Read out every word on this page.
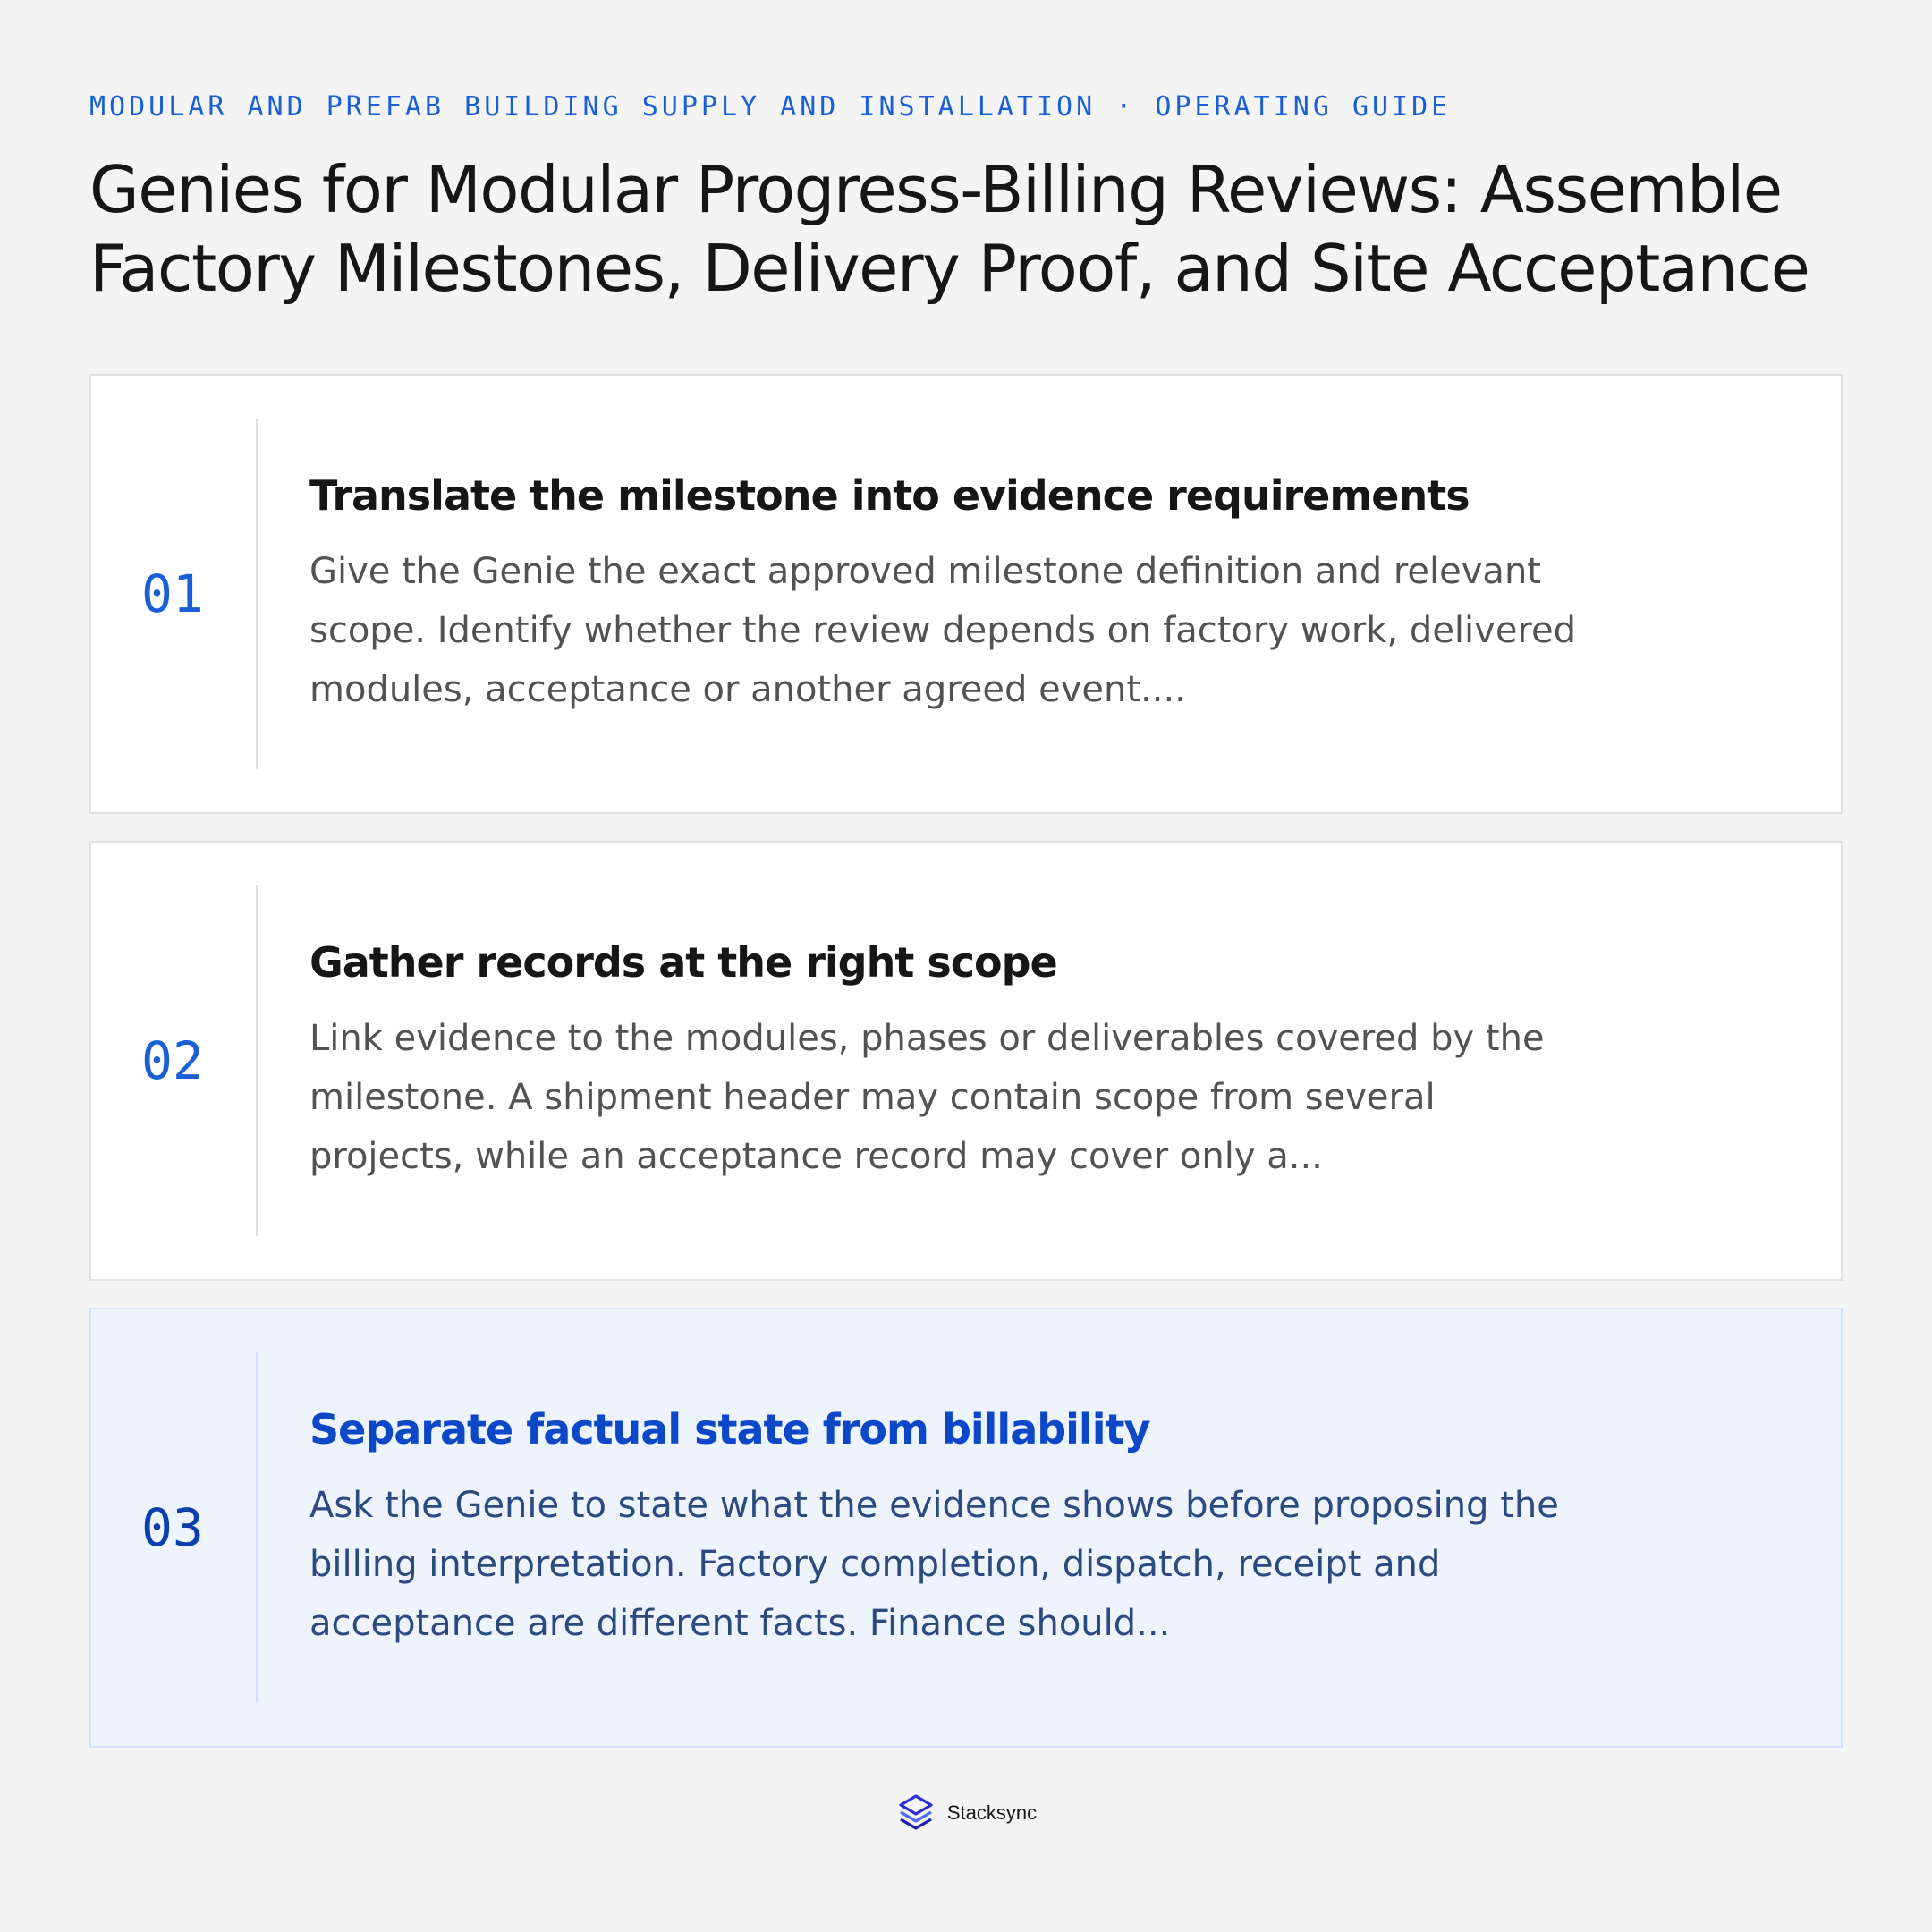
MODULAR AND PREFAB BUILDING SUPPLY AND INSTALLATION · OPERATING GUIDE
Genies for Modular Progress-Billing Reviews: Assemble Factory Milestones, Delivery Proof, and Site Acceptance
01
Translate the milestone into evidence requirements

Give the Genie the exact approved milestone definition and relevant scope. Identify whether the review depends on factory work, delivered modules, acceptance or another agreed event....

02
Gather records at the right scope

Link evidence to the modules, phases or deliverables covered by the milestone. A shipment header may contain scope from several projects, while an acceptance record may cover only a...

03
Separate factual state from billability

Ask the Genie to state what the evidence shows before proposing the billing interpretation. Factory completion, dispatch, receipt and acceptance are different facts. Finance should...

Stacksync
